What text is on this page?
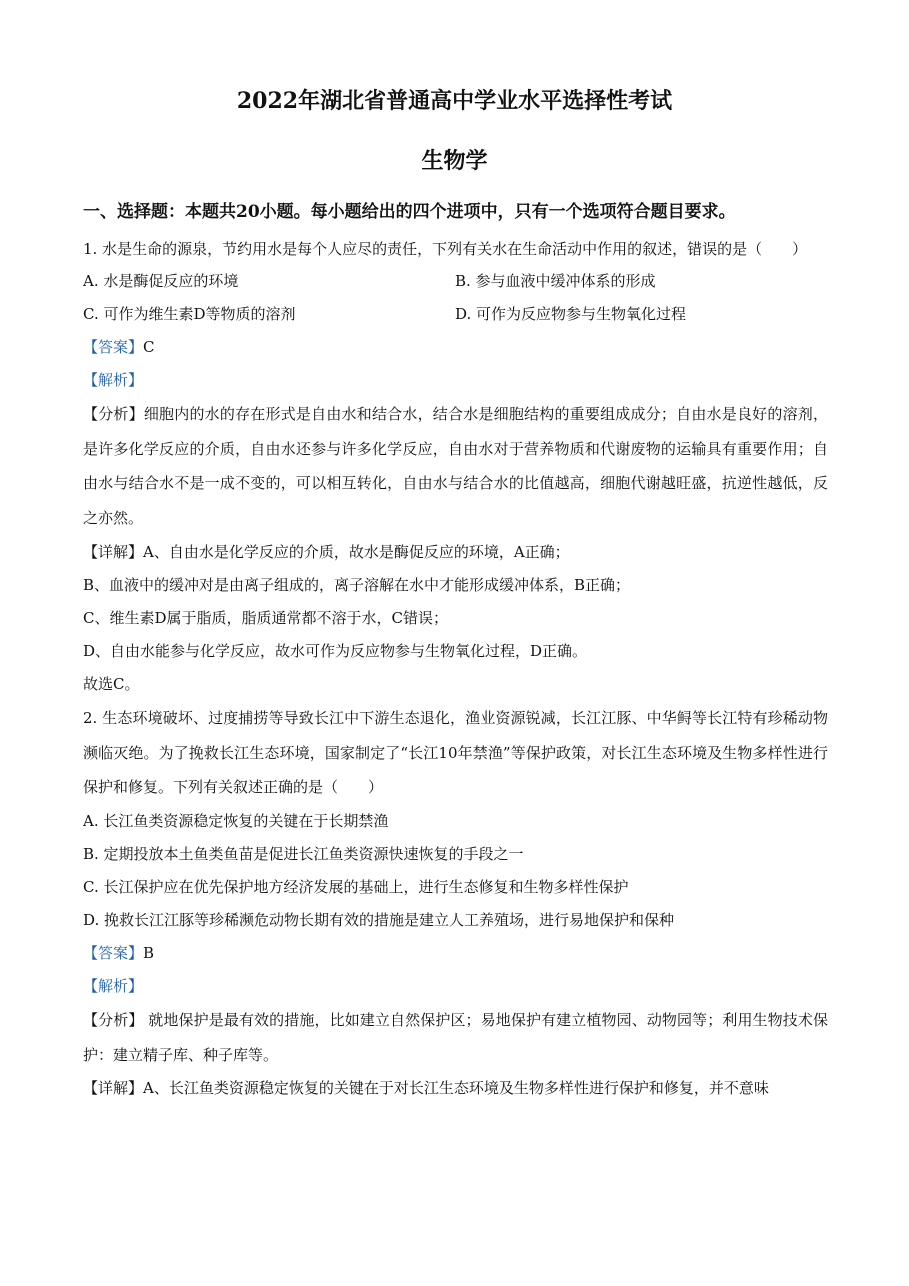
2022年湖北省普通高中学业水平选择性考试
生物学
一、选择题：本题共20小题。每小题给出的四个进项中，只有一个选项符合题目要求。
1. 水是生命的源泉，节约用水是每个人应尽的责任，下列有关水在生命活动中作用的叙述，错误的是（　　）
A. 水是酶促反应的环境	B. 参与血液中缓冲体系的形成
C. 可作为维生素D等物质的溶剂	D. 可作为反应物参与生物氧化过程
【答案】C
【解析】
【分析】细胞内的水的存在形式是自由水和结合水，结合水是细胞结构的重要组成成分；自由水是良好的溶剂，是许多化学反应的介质，自由水还参与许多化学反应，自由水对于营养物质和代谢废物的运输具有重要作用；自由水与结合水不是一成不变的，可以相互转化，自由水与结合水的比值越高，细胞代谢越旺盛，抗逆性越低，反之亦然。
【详解】A、自由水是化学反应的介质，故水是酶促反应的环境，A正确；
B、血液中的缓冲对是由离子组成的，离子溶解在水中才能形成缓冲体系，B正确；
C、维生素D属于脂质，脂质通常都不溶于水，C错误；
D、自由水能参与化学反应，故水可作为反应物参与生物氧化过程，D正确。
故选C。
2. 生态环境破坏、过度捕捞等导致长江中下游生态退化，渔业资源锐减，长江江豚、中华鲟等长江特有珍稀动物濒临灭绝。为了挽救长江生态环境，国家制定了“长江10年禁渔”等保护政策，对长江生态环境及生物多样性进行保护和修复。下列有关叙述正确的是（　　）
A. 长江鱼类资源稳定恢复的关键在于长期禁渔
B. 定期投放本土鱼类鱼苗是促进长江鱼类资源快速恢复的手段之一
C. 长江保护应在优先保护地方经济发展的基础上，进行生态修复和生物多样性保护
D. 挽救长江江豚等珍稀濒危动物长期有效的措施是建立人工养殖场，进行易地保护和保种
【答案】B
【解析】
【分析】 就地保护是最有效的措施，比如建立自然保护区；易地保护有建立植物园、动物园等；利用生物技术保护：建立精子库、种子库等。
【详解】A、长江鱼类资源稳定恢复的关键在于对长江生态环境及生物多样性进行保护和修复，并不意味
